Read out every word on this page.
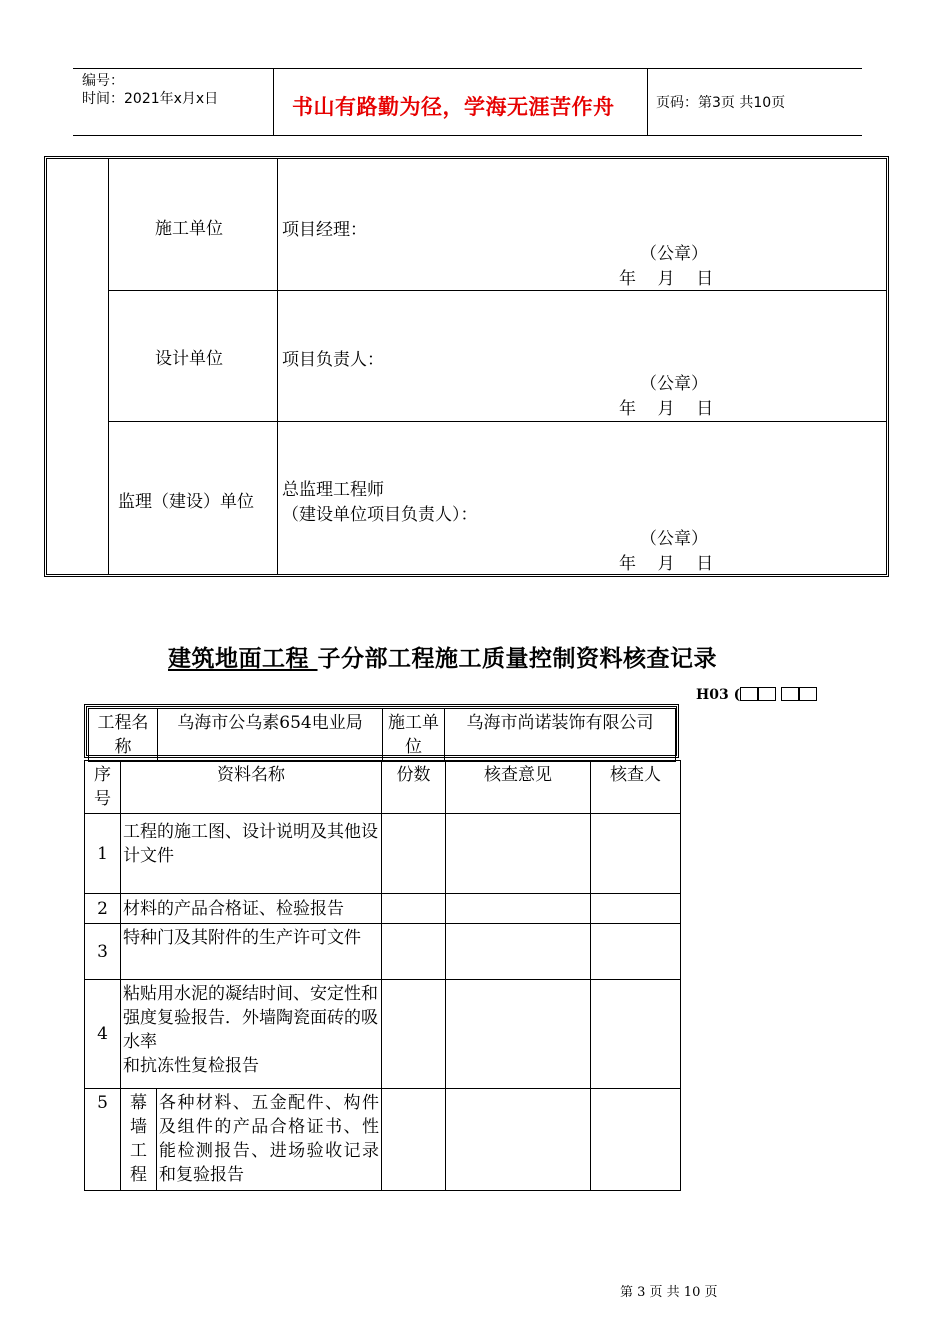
编号：
时间：2021年x月x日	书山有路勤为径，学海无涯苦作舟	页码：第3页 共10页
施工单位	项目经理：
（公章）
年    月    日
设计单位	项目负责人：
（公章）
年    月    日
监理（建设）单位
总监理工程师
（建设单位项目负责人）：
（公章）
年    月    日
建筑地面工程 子分部工程施工质量控制资料核查记录
H03 (
工程名称	乌海市公乌素654电业局	施工单位	乌海市尚诺装饰有限公司
序号	资料名称		份数	核查意见	核查人
1	工程的施工图、设计说明及其他设计文件				
2	材料的产品合格证、检验报告				
3	特种门及其附件的生产许可文件				
4	粘贴用水泥的凝结时间、安定性和强度复验报告．外墙陶瓷面砖的吸水率
和抗冻性复检报告				

5	幕墙工程	各种材料、五金配件、构件及组件的产品合格证书、性能检测报告、进场验收记录和复验报告			
第 3 页 共 10 页
